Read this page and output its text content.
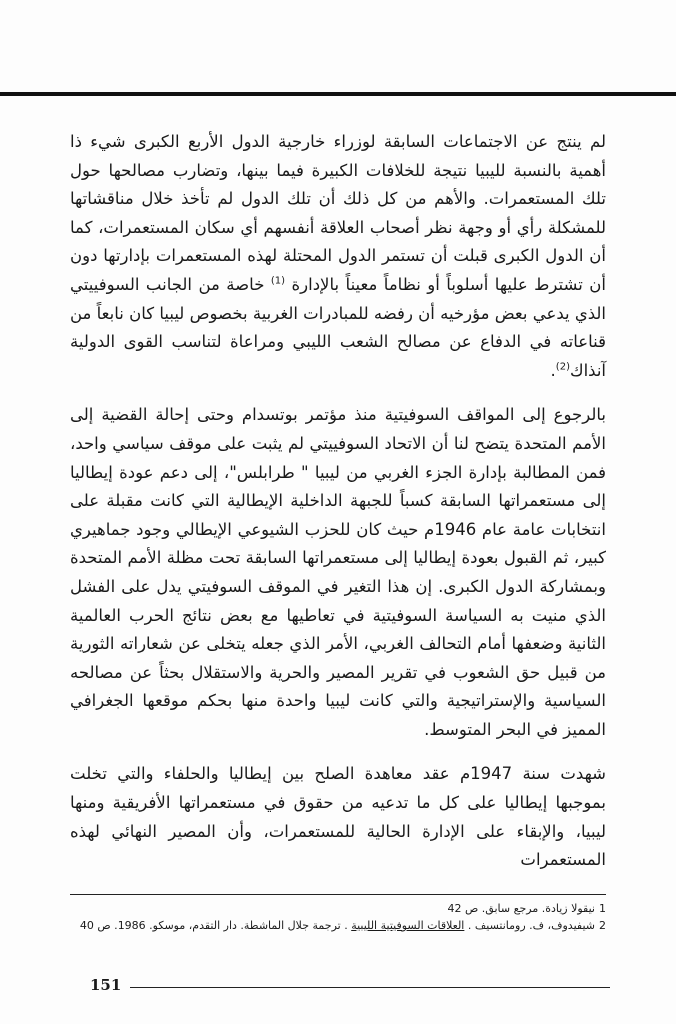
لم ينتج عن الاجتماعات السابقة لوزراء خارجية الدول الأربع الكبرى شيء ذا أهمية بالنسبة لليبيا نتيجة للخلافات الكبيرة فيما بينها، وتضارب مصالحها حول تلك المستعمرات. والأهم من كل ذلك أن تلك الدول لم تأخذ خلال مناقشاتها للمشكلة رأي أو وجهة نظر أصحاب العلاقة أنفسهم أي سكان المستعمرات، كما أن الدول الكبرى قبلت أن تستمر الدول المحتلة لهذه المستعمرات بإدارتها دون أن تشترط عليها أسلوباً أو نظاماً معيناً بالإدارة $^{(1)}$ خاصة من الجانب السوفييتي الذي يدعي بعض مؤرخيه أن رفضه للمبادرات الغربية بخصوص ليبيا كان نابعاً من قناعاته في الدفاع عن مصالح الشعب الليبي ومراعاة لتناسب القوى الدولية آنذاك$^{(2)}$.

بالرجوع إلى المواقف السوفيتية منذ مؤتمر بوتسدام وحتى إحالة القضية إلى الأمم المتحدة يتضح لنا أن الاتحاد السوفييتي لم يثبت على موقف سياسي واحد، فمن المطالبة بإدارة الجزء الغربي من ليبيا " طرابلس"، إلى دعم عودة إيطاليا إلى مستعمراتها السابقة كسباً للجبهة الداخلية الإيطالية التي كانت مقبلة على انتخابات عامة عام 1946م حيث كان للحزب الشيوعي الإيطالي وجود جماهيري كبير، ثم القبول بعودة إيطاليا إلى مستعمراتها السابقة تحت مظلة الأمم المتحدة وبمشاركة الدول الكبرى. إن هذا التغير في الموقف السوفيتي يدل على الفشل الذي منيت به السياسة السوفيتية في تعاطيها مع بعض نتائج الحرب العالمية الثانية وضعفها أمام التحالف الغربي، الأمر الذي جعله يتخلى عن شعاراته الثورية من قبيل حق الشعوب في تقرير المصير والحرية والاستقلال بحثاً عن مصالحه السياسية والإستراتيجية والتي كانت ليبيا واحدة منها بحكم موقعها الجغرافي المميز في البحر المتوسط.

شهدت سنة 1947م عقد معاهدة الصلح بين إيطاليا والحلفاء والتي تخلت بموجبها إيطاليا على كل ما تدعيه من حقوق في مستعمراتها الأفريقية ومنها ليبيا، والإبقاء على الإدارة الحالية للمستعمرات، وأن المصير النهائي لهذه المستعمرات

1نيقولا زيادة. مرجع سابق. ص 42
2شيفيدوف، ف. رومانتسيف . العلاقات السوفيتية الليبية . ترجمة جلال الماشطة. دار التقدم، موسكو. 1986. ص 40
151
